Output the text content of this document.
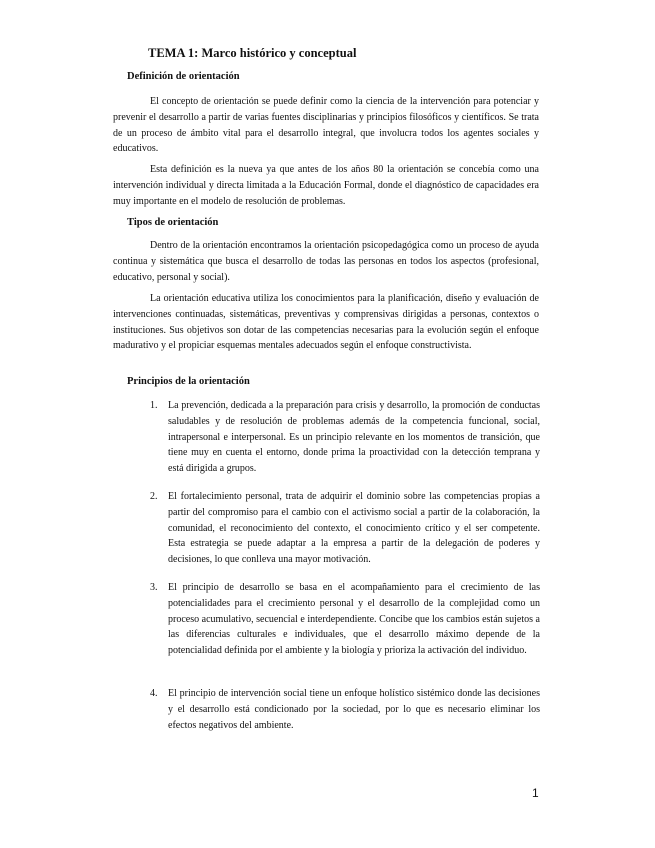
TEMA 1: Marco histórico y conceptual
Definición de orientación

El concepto de orientación se puede definir como la ciencia de la intervención para potenciar y prevenir el desarrollo a partir de varias fuentes disciplinarias y principios filosóficos y científicos. Se trata de un proceso de ámbito vital para el desarrollo integral, que involucra todos los agentes sociales y educativos.

Esta definición es la nueva ya que antes de los años 80 la orientación se concebía como una intervención individual y directa limitada a la Educación Formal, donde el diagnóstico de capacidades era muy importante en el modelo de resolución de problemas.

Tipos de orientación

Dentro de la orientación encontramos la orientación psicopedagógica como un proceso de ayuda continua y sistemática que busca el desarrollo de todas las personas en todos los aspectos (profesional, educativo, personal y social).

La orientación educativa utiliza los conocimientos para la planificación, diseño y evaluación de intervenciones continuadas, sistemáticas, preventivas y comprensivas dirigidas a personas, contextos o instituciones. Sus objetivos son dotar de las competencias necesarias para la evolución según el enfoque madurativo y el propiciar esquemas mentales adecuados según el enfoque constructivista.

Principios de la orientación
1. La prevención, dedicada a la preparación para crisis y desarrollo, la promoción de conductas saludables y de resolución de problemas además de la competencia funcional, social, intrapersonal e interpersonal. Es un principio relevante en los momentos de transición, que tiene muy en cuenta el entorno, donde prima la proactividad con la detección temprana y está dirigida a grupos.
2. El fortalecimiento personal, trata de adquirir el dominio sobre las competencias propias a partir del compromiso para el cambio con el activismo social a partir de la colaboración, la comunidad, el reconocimiento del contexto, el conocimiento crítico y el ser competente. Esta estrategia se puede adaptar a la empresa a partir de la delegación de poderes y decisiones, lo que conlleva una mayor motivación.
3. El principio de desarrollo se basa en el acompañamiento para el crecimiento de las potencialidades para el crecimiento personal y el desarrollo de la complejidad como un proceso acumulativo, secuencial e interdependiente. Concibe que los cambios están sujetos a las diferencias culturales e individuales, que el desarrollo máximo depende de la potencialidad definida por el ambiente y la biología y prioriza la activación del individuo.
4. El principio de intervención social tiene un enfoque holístico sistémico donde las decisiones y el desarrollo está condicionado por la sociedad, por lo que es necesario eliminar los efectos negativos del ambiente.
1
